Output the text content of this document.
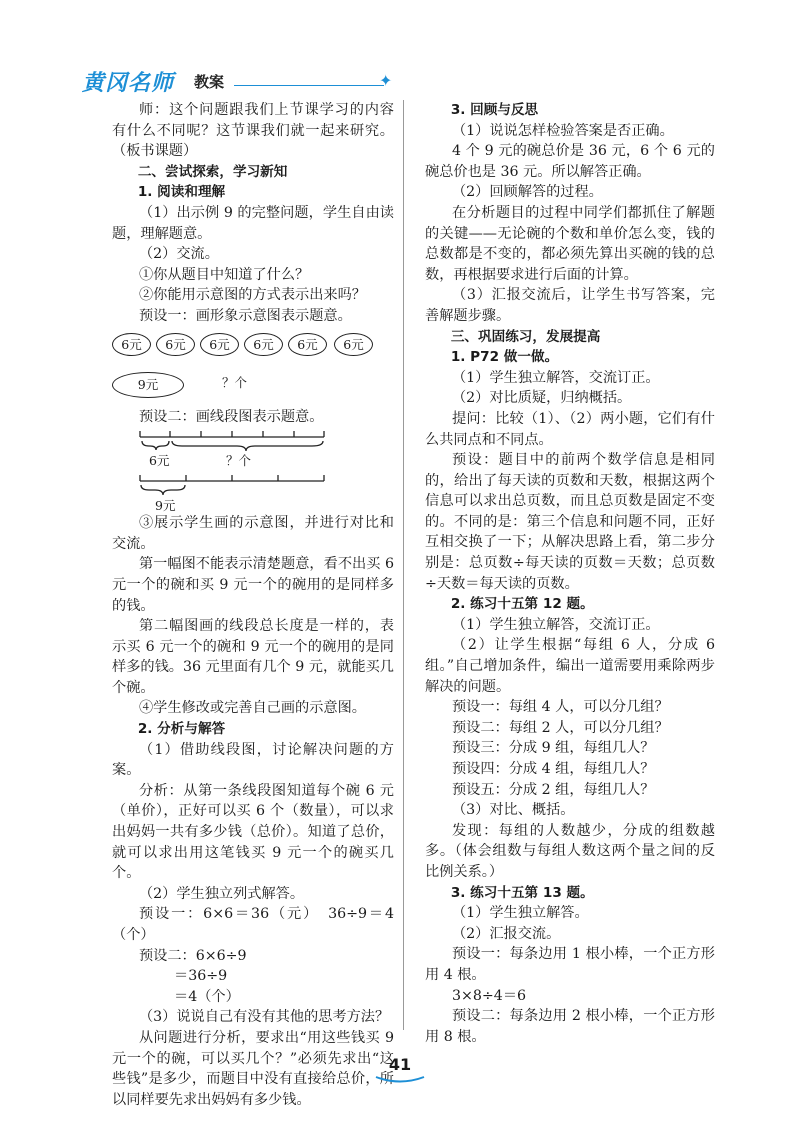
黄冈名师 教案	✦

师：这个问题跟我们上节课学习的内容有什么不同呢？这节课我们就一起来研究。（板书课题）

二、尝试探索，学习新知

1. 阅读和理解

（1）出示例 9 的完整问题，学生自由读题，理解题意。

（2）交流。

①你从题目中知道了什么？

②你能用示意图的方式表示出来吗？

预设一：画形象示意图表示题意。

6元	6元	6元	6元	6元	6元
9元	？个

预设二：画线段图表示题意。

6元	？个
9元

③展示学生画的示意图，并进行对比和交流。

第一幅图不能表示清楚题意，看不出买 6 元一个的碗和买 9 元一个的碗用的是同样多的钱。

第二幅图画的线段总长度是一样的，表示买 6 元一个的碗和 9 元一个的碗用的是同样多的钱。36 元里面有几个 9 元，就能买几个碗。

④学生修改或完善自己画的示意图。

2. 分析与解答

（1）借助线段图，讨论解决问题的方案。

分析：从第一条线段图知道每个碗 6 元（单价），正好可以买 6 个（数量），可以求出妈妈一共有多少钱（总价）。知道了总价，就可以求出用这笔钱买 9 元一个的碗买几个。

（2）学生独立列式解答。

预设一：6×6＝36（元）　36÷9＝4（个）

预设二：6×6÷9

＝36÷9

＝4（个）

（3）说说自己有没有其他的思考方法？

从问题进行分析，要求出“用这些钱买 9 元一个的碗，可以买几个？”必须先求出“这些钱”是多少，而题目中没有直接给总价，所以同样要先求出妈妈有多少钱。

3. 回顾与反思

（1）说说怎样检验答案是否正确。

4 个 9 元的碗总价是 36 元，6 个 6 元的碗总价也是 36 元。所以解答正确。

（2）回顾解答的过程。

在分析题目的过程中同学们都抓住了解题的关键——无论碗的个数和单价怎么变，钱的总数都是不变的，都必须先算出买碗的钱的总数，再根据要求进行后面的计算。

（3）汇报交流后，让学生书写答案，完善解题步骤。

三、巩固练习，发展提高

1. P72 做一做。

（1）学生独立解答，交流订正。

（2）对比质疑，归纳概括。

提问：比较（1）、（2）两小题，它们有什么共同点和不同点。

预设：题目中的前两个数学信息是相同的，给出了每天读的页数和天数，根据这两个信息可以求出总页数，而且总页数是固定不变的。不同的是：第三个信息和问题不同，正好互相交换了一下；从解决思路上看，第二步分别是：总页数÷每天读的页数＝天数；总页数÷天数＝每天读的页数。

2. 练习十五第 12 题。

（1）学生独立解答，交流订正。

（2）让学生根据“每组 6 人，分成 6 组。”自己增加条件，编出一道需要用乘除两步解决的问题。

预设一：每组 4 人，可以分几组？

预设二：每组 2 人，可以分几组？

预设三：分成 9 组，每组几人？

预设四：分成 4 组，每组几人？

预设五：分成 2 组，每组几人？

（3）对比、概括。

发现：每组的人数越少，分成的组数越多。（体会组数与每组人数这两个量之间的反比例关系。）

3. 练习十五第 13 题。

（1）学生独立解答。

（2）汇报交流。

预设一：每条边用 1 根小棒，一个正方形用 4 根。

3×8÷4＝6

预设二：每条边用 2 根小棒，一个正方形用 8 根。

41
